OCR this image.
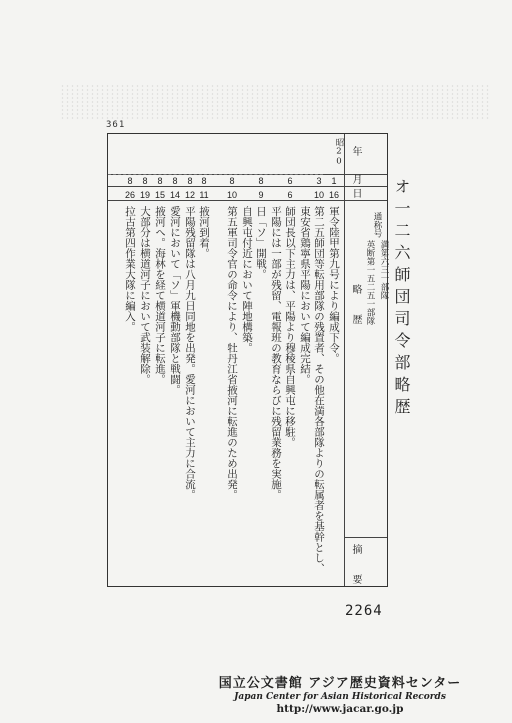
361
オ一二六師団司令部略歴
通称号
満第六三一部隊
英断第一五二五一部隊
年
月
日
略　　歴
摘　　要
昭20
1
16
軍令陸甲第九号により編成下令。
3
10
第二五師団等転用部隊の残置者、その他在満各部隊よりの転属者を基幹とし、
東安省鶏寧県平陽において編成完結。
6
6
師団長以下主力は、平陽より穆稜県自興屯に移駐。
平陽には一部が残留、電報班の教育ならびに残留業務を実施。
8
9
日「ソ」開戦。
自興屯付近において陣地構築。
8
10
第五軍司令官の命令により、牡丹江省掖河に転進のため出発。
8
11
掖河到着。
8
12
平陽残留隊は八月九日同地を出発。愛河において主力に合流。
8
14
愛河において「ソ」軍機動部隊と戦闘。
8
15
掖河へ。海林を経て横道河子に転進。
8
19
大部分は横道河子において武装解除。
8
26
拉古第四作業大隊に編入。
2264
国立公文書館 アジア歴史資料センター
Japan Center for Asian Historical Records
http://www.jacar.go.jp
